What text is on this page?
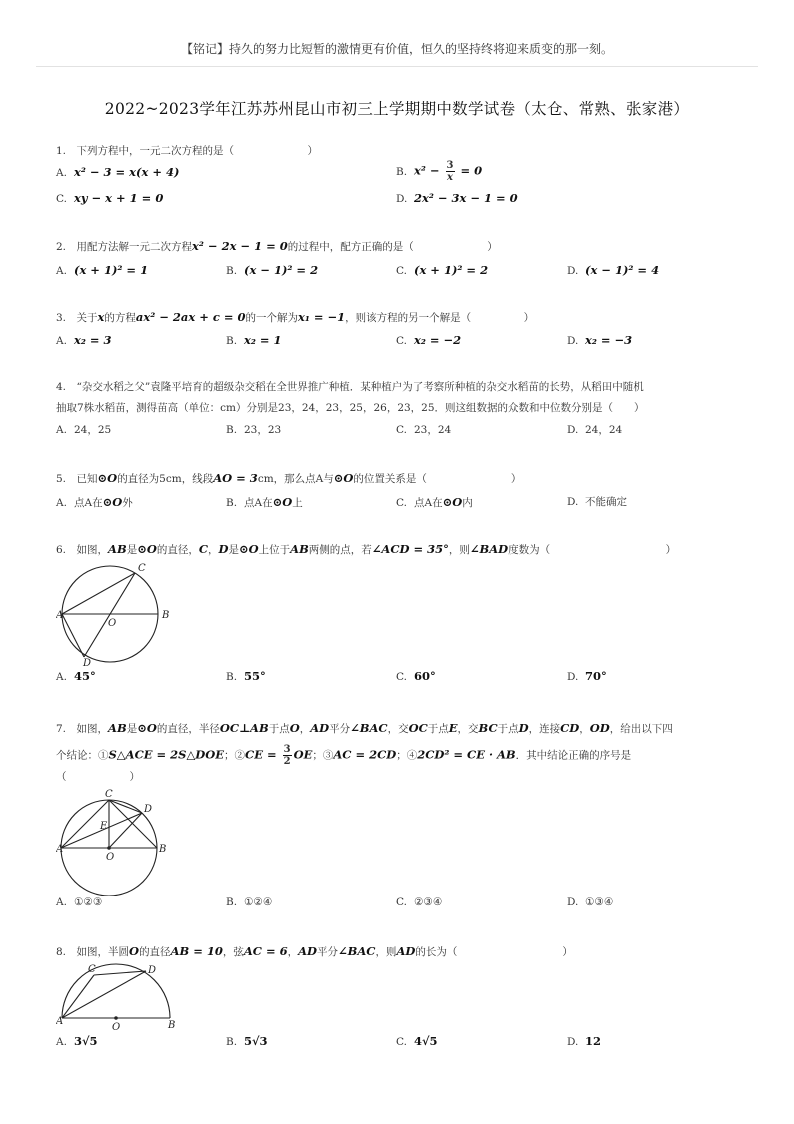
【铭记】持久的努力比短暂的激情更有价值，恒久的坚持终将迎来质变的那一刻。
2022~2023学年江苏苏州昆山市初三上学期期中数学试卷（太仓、常熟、张家港）
1.　 下列方程中，一元二次方程的是（　　　　　　　）
A. x² − 3 = x(x + 4)	B. $x^2 - \frac{3}{x} = 0$
C. xy − x + 1 = 0	D. 2x² − 3x − 1 = 0
2.　 用配方法解一元二次方程x² − 2x − 1 = 0的过程中，配方正确的是（　　　　　　　）
A. (x + 1)² = 1	B. (x − 1)² = 2	C. (x + 1)² = 2	D. (x − 1)² = 4
3.　 关于x的方程ax² − 2ax + c = 0的一个解为x₁ = −1，则该方程的另一个解是（　　　　　）
A. x₂ = 3	B. x₂ = 1	C. x₂ = −2	D. x₂ = −3
4.　 “杂交水稻之父”袁隆平培育的超级杂交稻在全世界推广种植．某种植户为了考察所种植的杂交水稻苗的长势，从稻田中随机
抽取7株水稻苗，测得苗高（单位：cm）分别是23，24，23，25，26，23，25．则这组数据的众数和中位数分别是（　　）
A. 24，25	B. 23，23	C. 23，24	D. 24，24
5.　 已知⊙O的直径为5cm，线段AO = 3cm，那么点A与⊙O的位置关系是（　　　　　　　　）
A. 点A在⊙O外	B. 点A在⊙O上	C. 点A在⊙O内	D. 不能确定
6.　 如图，AB是⊙O的直径，C，D是⊙O上位于AB两侧的点，若∠ACD = 35°，则∠BAD度数为（　　　　　　　　　　　）
C
A
O
B
D
A. 45°	B. 55°	C. 60°	D. 70°
7.　 如图，AB是⊙O的直径，半径OC⊥AB于点O，AD平分∠BAC，交OC于点E，交BC于点D，连接CD，OD，给出以下四
个结论：①S△ACE = 2S△DOE；②CE = $\frac{3}{2}$ OE；③AC = 2CD；④2CD² = CE · AB．其中结论正确的序号是
（　　　　　　）
C
D
E
A
O
B
A. ①②③	B. ①②④	C. ②③④	D. ①③④
8.　 如图，半圆O的直径AB = 10，弦AC = 6，AD平分∠BAC，则AD的长为（　　　　　　　　　　）
C	D
A
O	B
A. 3√5	B. 5√3	C. 4√5	D. 12
